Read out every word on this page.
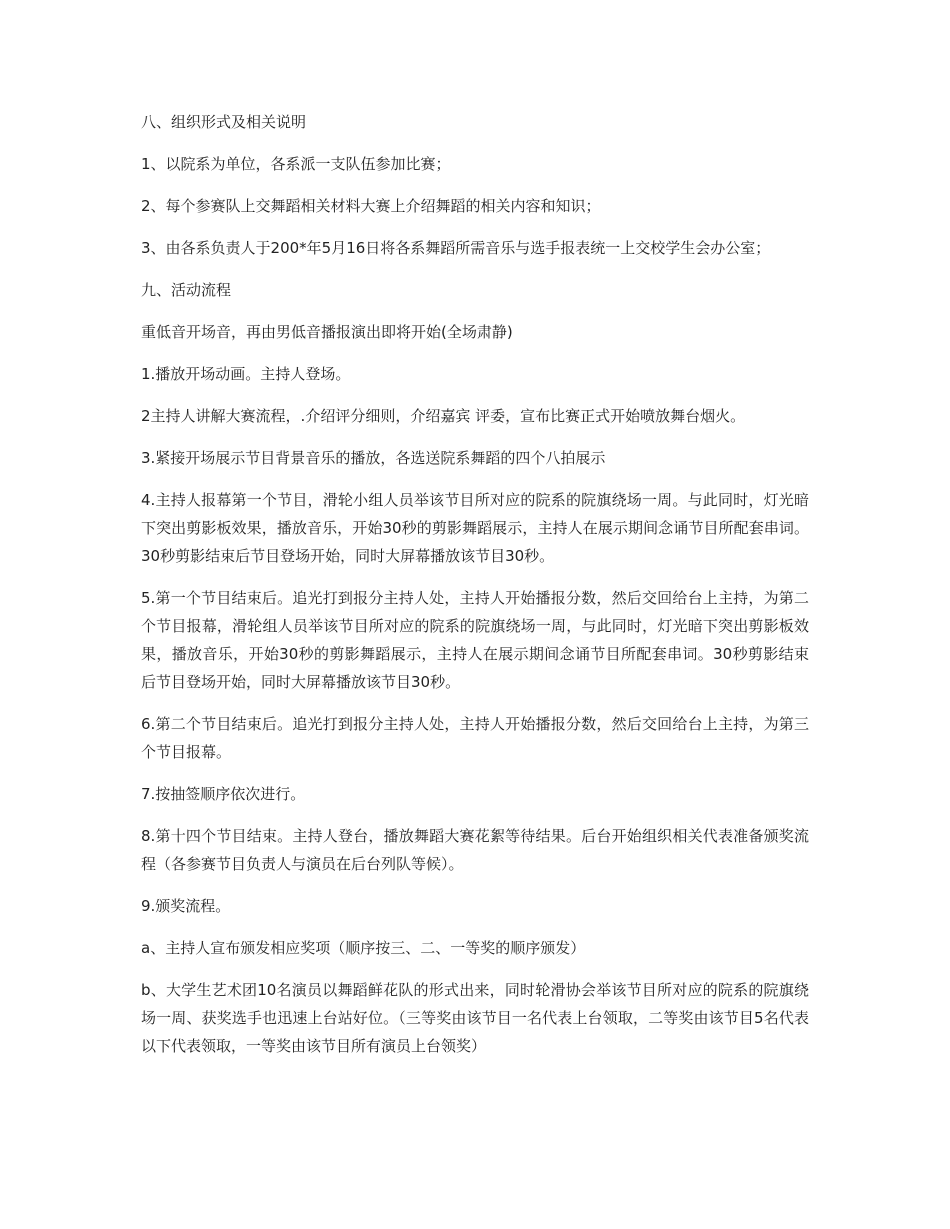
八、组织形式及相关说明

1、以院系为单位，各系派一支队伍参加比赛；

2、每个参赛队上交舞蹈相关材料大赛上介绍舞蹈的相关内容和知识；

3、由各系负责人于200*年5月16日将各系舞蹈所需音乐与选手报表统一上交校学生会办公室；

九、活动流程

重低音开场音，再由男低音播报演出即将开始(全场肃静)

1.播放开场动画。主持人登场。

2主持人讲解大赛流程，.介绍评分细则，介绍嘉宾 评委，宣布比赛正式开始喷放舞台烟火。

3.紧接开场展示节目背景音乐的播放，各选送院系舞蹈的四个八拍展示

4.主持人报幕第一个节目，滑轮小组人员举该节目所对应的院系的院旗绕场一周。与此同时，灯光暗下突出剪影板效果，播放音乐，开始30秒的剪影舞蹈展示，主持人在展示期间念诵节目所配套串词。30秒剪影结束后节目登场开始，同时大屏幕播放该节目30秒。

5.第一个节目结束后。追光打到报分主持人处，主持人开始播报分数，然后交回给台上主持，为第二个节目报幕，滑轮组人员举该节目所对应的院系的院旗绕场一周，与此同时，灯光暗下突出剪影板效果，播放音乐，开始30秒的剪影舞蹈展示，主持人在展示期间念诵节目所配套串词。30秒剪影结束后节目登场开始，同时大屏幕播放该节目30秒。

6.第二个节目结束后。追光打到报分主持人处，主持人开始播报分数，然后交回给台上主持，为第三个节目报幕。

7.按抽签顺序依次进行。

8.第十四个节目结束。主持人登台，播放舞蹈大赛花絮等待结果。后台开始组织相关代表准备颁奖流程（各参赛节目负责人与演员在后台列队等候）。

9.颁奖流程。

a、主持人宣布颁发相应奖项（顺序按三、二、一等奖的顺序颁发）

b、大学生艺术团10名演员以舞蹈鲜花队的形式出来，同时轮滑协会举该节目所对应的院系的院旗绕场一周、获奖选手也迅速上台站好位。（三等奖由该节目一名代表上台领取，二等奖由该节目5名代表以下代表领取，一等奖由该节目所有演员上台领奖）
